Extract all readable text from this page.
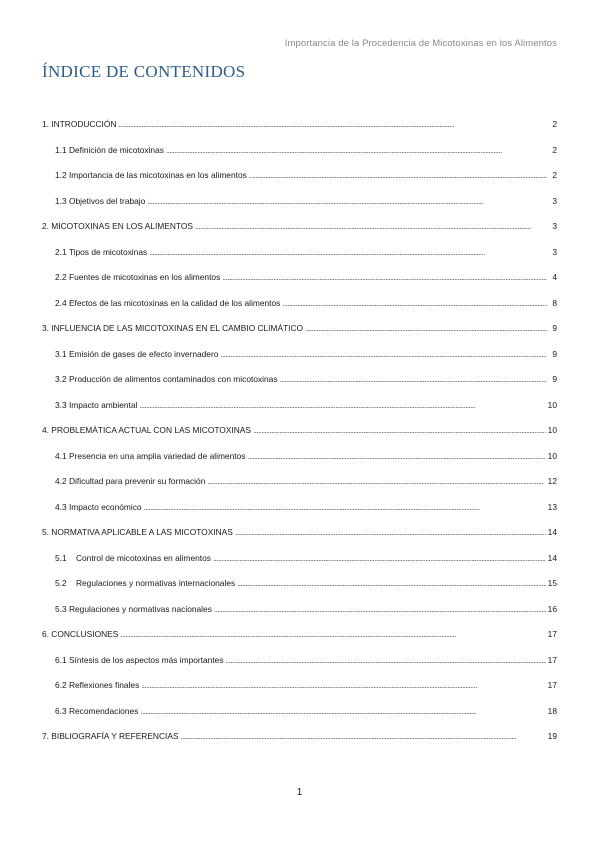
Importancia de la Procedencia de Micotoxinas en los Alimentos
ÍNDICE DE CONTENIDOS
1. INTRODUCCIÓN . . .	2
1.1 Definición de micotoxinas . . .	2
1.2 Importancia de las micotoxinas en los alimentos . . .	2
1.3 Objetivos del trabajo . . .	3
2. MICOTOXINAS EN LOS ALIMENTOS . . .	3
2.1 Tipos de micotoxinas . . .	3
2.2 Fuentes de micotoxinas en los alimentos . . .	4
2.4 Efectos de las micotoxinas en la calidad de los alimentos . . .	8
3. INFLUENCIA DE LAS MICOTOXINAS EN EL CAMBIO CLIMÁTICO . . .	9
3.1 Emisión de gases de efecto invernadero . . .	9
3.2 Producción de alimentos contaminados con micotoxinas . . .	9
3.3 Impacto ambiental . . .	10
4. PROBLEMÁTICA ACTUAL CON LAS MICOTOXINAS . . .	10
4.1 Presencia en una amplia variedad de alimentos . . .	10
4.2 Dificultad para prevenir su formación . . .	12
4.3 Impacto económico . . .	13
5. NORMATIVA APLICABLE A LAS MICOTOXINAS . . .	14
5.1    Control de micotoxinas en alimentos . . .	14
5.2    Regulaciones y normativas internacionales . . .	15
5.3 Regulaciones y normativas nacionales . . .	16
6. CONCLUSIONES . . .	17
6.1 Síntesis de los aspectos más importantes . . .	17
6.2 Reflexiones finales . . .	17
6.3 Recomendaciones . . .	18
7. BIBLIOGRAFÍA Y REFERENCIAS . . .	19
1
